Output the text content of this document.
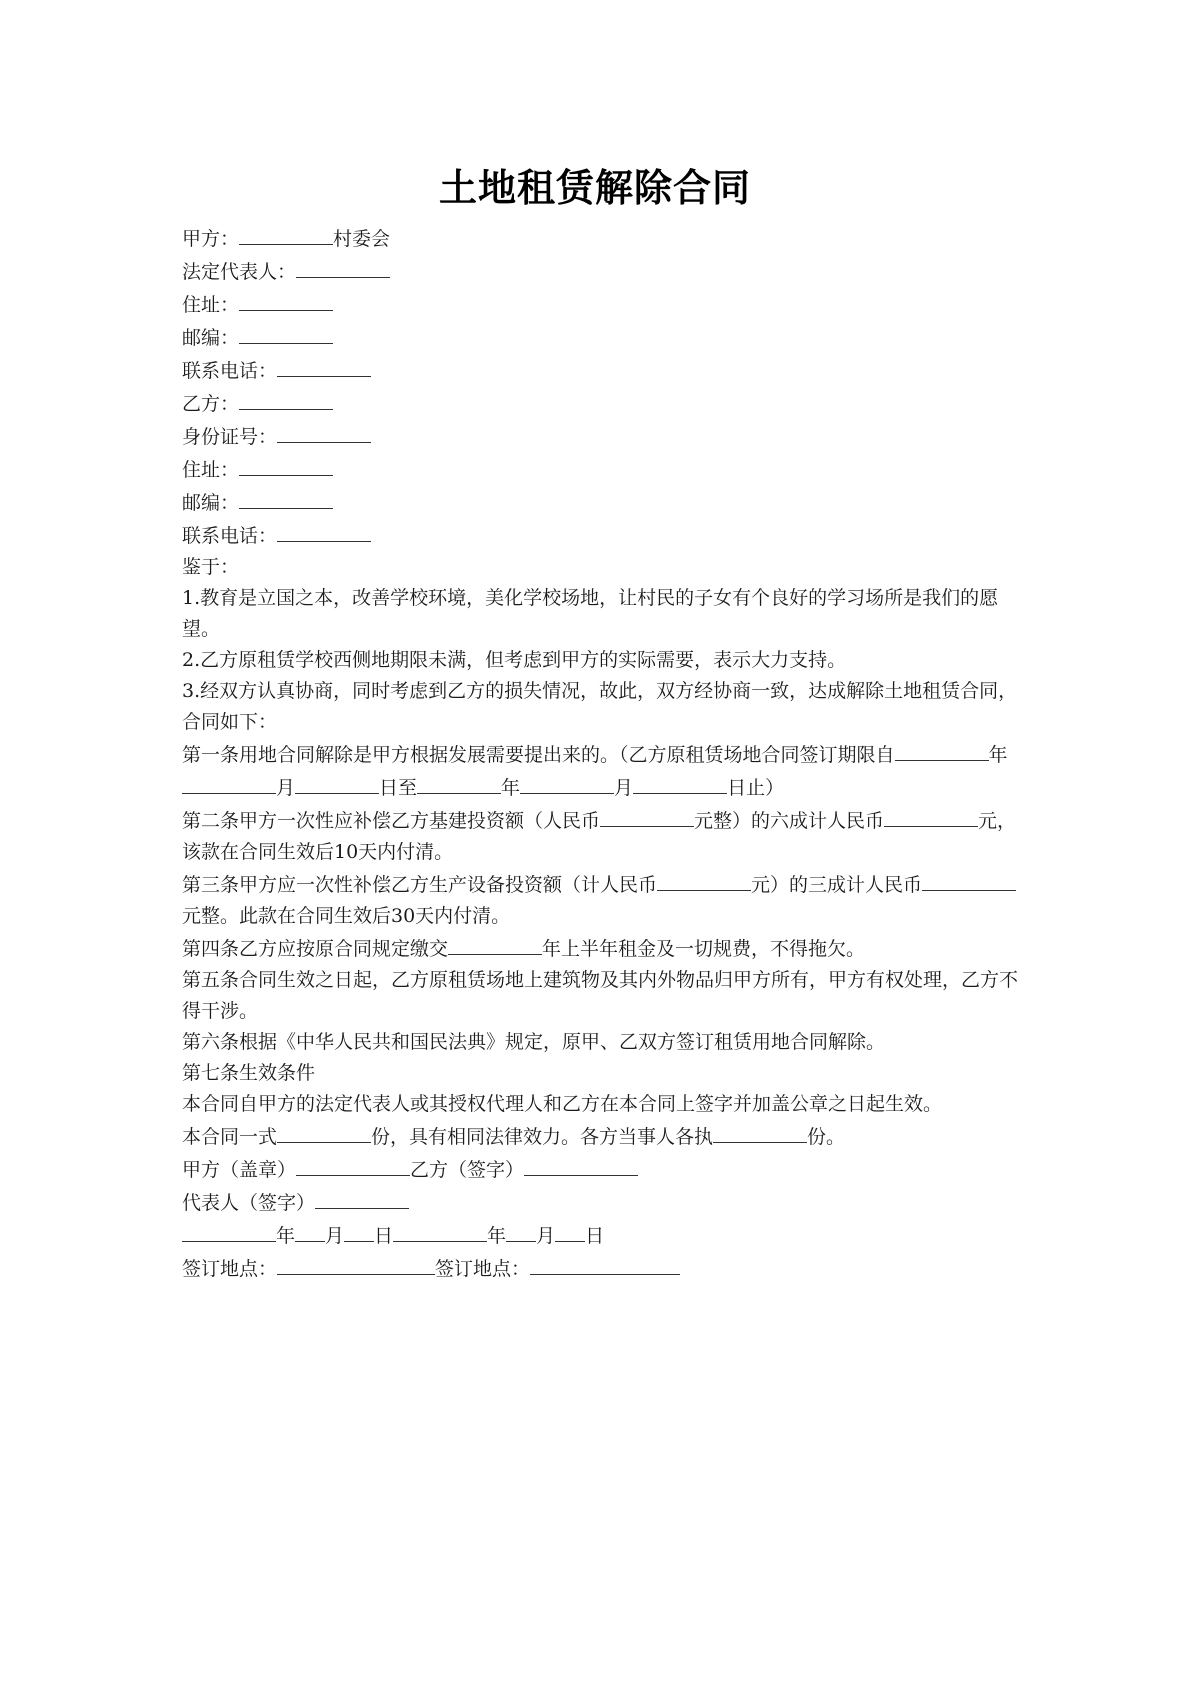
土地租赁解除合同
甲方：	村委会
法定代表人：
住址：
邮编：
联系电话：
乙方：
身份证号：
住址：
邮编：
联系电话：
鉴于：
1.教育是立国之本，改善学校环境，美化学校场地，让村民的子女有个良好的学习场所是我们的愿望。
2.乙方原租赁学校西侧地期限未满，但考虑到甲方的实际需要，表示大力支持。
3.经双方认真协商，同时考虑到乙方的损失情况，故此，双方经协商一致，达成解除土地租赁合同，合同如下：
第一条用地合同解除是甲方根据发展需要提出来的。（乙方原租赁场地合同签订期限自	年月	日至	年	月	日止）
第二条甲方一次性应补偿乙方基建投资额（人民币	元整）的六成计人民币	元，该款在合同生效后10天内付清。
第三条甲方应一次性补偿乙方生产设备投资额（计人民币	元）的三成计人民币元整。此款在合同生效后30天内付清。
第四条乙方应按原合同规定缴交	年上半年租金及一切规费，不得拖欠。
第五条合同生效之日起，乙方原租赁场地上建筑物及其内外物品归甲方所有，甲方有权处理，乙方不得干涉。
第六条根据《中华人民共和国民法典》规定，原甲、乙双方签订租赁用地合同解除。
第七条生效条件
本合同自甲方的法定代表人或其授权代理人和乙方在本合同上签字并加盖公章之日起生效。
本合同一式	份，具有相同法律效力。各方当事人各执	份。
甲方（盖章）	乙方（签字）
代表人（签字）
年 月 日	年 月 日
签订地点：	签订地点：
